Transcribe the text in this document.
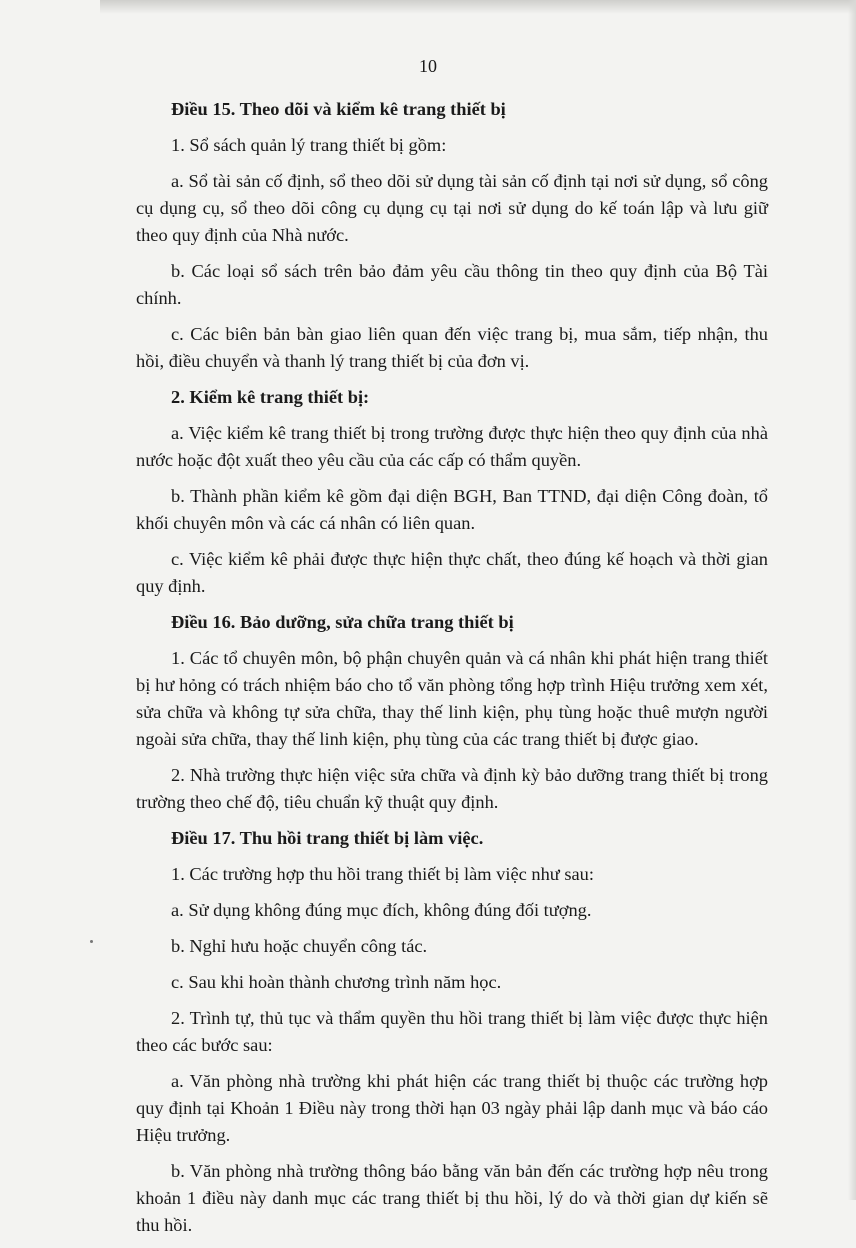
10

Điều 15. Theo dõi và kiểm kê trang thiết bị

1. Sổ sách quản lý trang thiết bị gồm:

a. Sổ tài sản cố định, sổ theo dõi sử dụng tài sản cố định tại nơi sử dụng, sổ công cụ dụng cụ, sổ theo dõi công cụ dụng cụ tại nơi sử dụng do kế toán lập và lưu giữ theo quy định của Nhà nước.

b. Các loại sổ sách trên bảo đảm yêu cầu thông tin theo quy định của Bộ Tài chính.

c. Các biên bản bàn giao liên quan đến việc trang bị, mua sắm, tiếp nhận, thu hồi, điều chuyển và thanh lý trang thiết bị của đơn vị.

2. Kiểm kê trang thiết bị:

a. Việc kiểm kê trang thiết bị trong trường được thực hiện theo quy định của nhà nước hoặc đột xuất theo yêu cầu của các cấp có thẩm quyền.

b. Thành phần kiểm kê gồm đại diện BGH, Ban TTND, đại diện Công đoàn, tổ khối chuyên môn và các cá nhân có liên quan.

c. Việc kiểm kê phải được thực hiện thực chất, theo đúng kế hoạch và thời gian quy định.

Điều 16. Bảo dưỡng, sửa chữa trang thiết bị

1. Các tổ chuyên môn, bộ phận chuyên quản và cá nhân khi phát hiện trang thiết bị hư hỏng có trách nhiệm báo cho tổ văn phòng tổng hợp trình Hiệu trưởng xem xét, sửa chữa và không tự sửa chữa, thay thế linh kiện, phụ tùng hoặc thuê mượn người ngoài sửa chữa, thay thế linh kiện, phụ tùng của các trang thiết bị được giao.

2. Nhà trường thực hiện việc sửa chữa và định kỳ bảo dưỡng trang thiết bị trong trường theo chế độ, tiêu chuẩn kỹ thuật quy định.

Điều 17. Thu hồi trang thiết bị làm việc.

1. Các trường hợp thu hồi trang thiết bị làm việc như sau:

a. Sử dụng không đúng mục đích, không đúng đối tượng.

b. Nghỉ hưu hoặc chuyển công tác.

c. Sau khi hoàn thành chương trình năm học.

2. Trình tự, thủ tục và thẩm quyền thu hồi trang thiết bị làm việc được thực hiện theo các bước sau:

a. Văn phòng nhà trường khi phát hiện các trang thiết bị thuộc các trường hợp quy định tại Khoản 1 Điều này trong thời hạn 03 ngày phải lập danh mục và báo cáo Hiệu trưởng.

b. Văn phòng nhà trường thông báo bằng văn bản đến các trường hợp nêu trong khoản 1 điều này danh mục các trang thiết bị thu hồi, lý do và thời gian dự kiến sẽ thu hồi.
